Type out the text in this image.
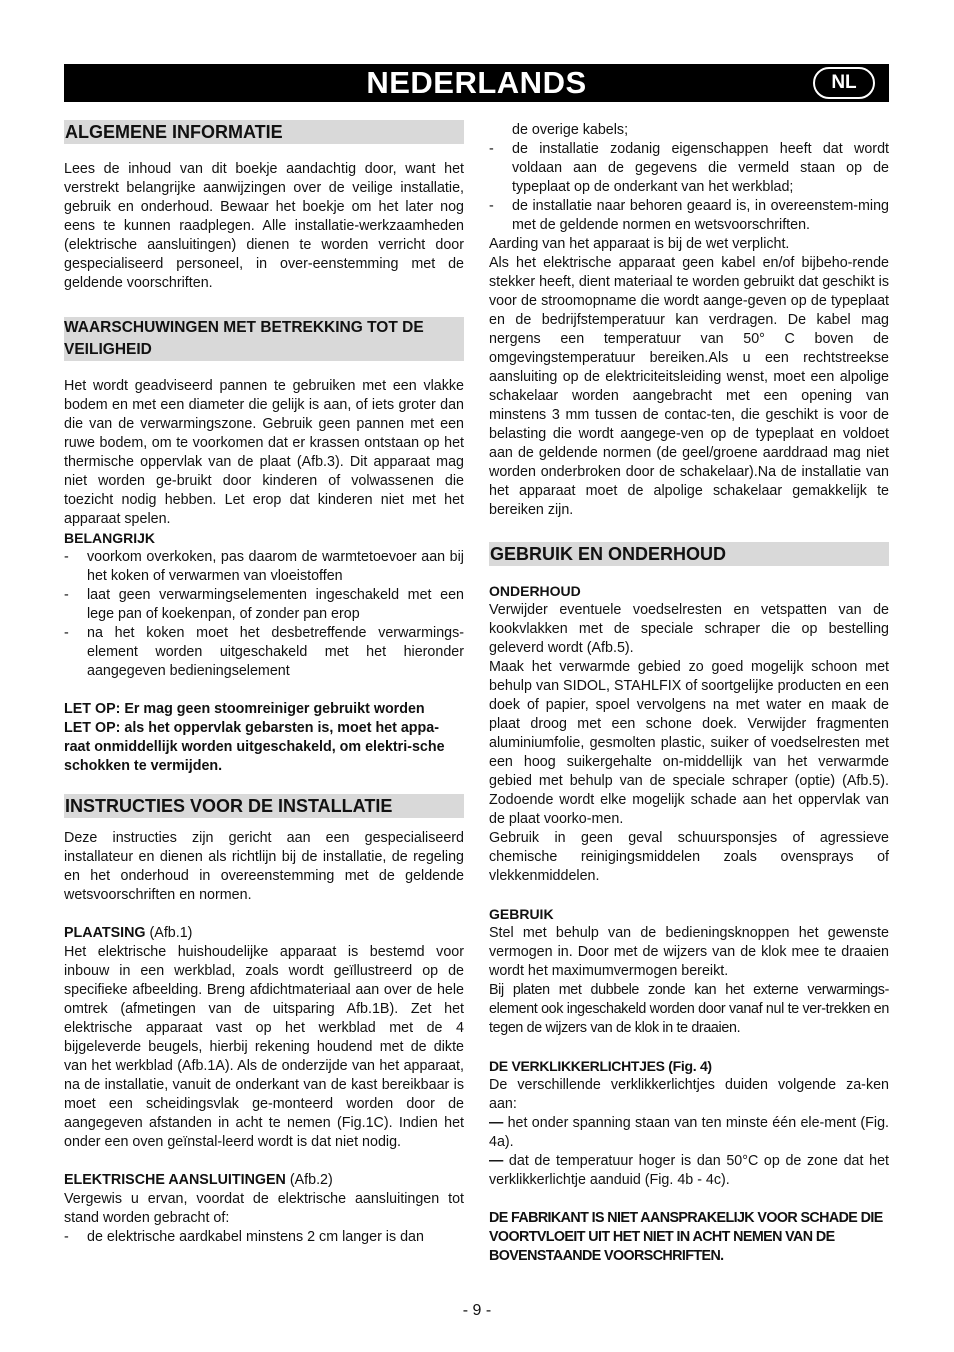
NEDERLANDS	NL
ALGEMENE INFORMATIE

Lees de inhoud van dit boekje aandachtig door, want het verstrekt belangrijke aanwijzingen over de veilige installatie, gebruik en onderhoud. Bewaar het boekje om het later nog eens te kunnen raadplegen. Alle installatie-werkzaamheden (elektrische aansluitingen) dienen te worden verricht door gespecialiseerd personeel, in over-eenstemming met de geldende voorschriften.

WAARSCHUWINGEN MET BETREKKING TOT DE VEILIGHEID

Het wordt geadviseerd pannen te gebruiken met een vlakke bodem en met een diameter die gelijk is aan, of iets groter dan die van de verwarmingszone. Gebruik geen pannen met een ruwe bodem, om te voorkomen dat er krassen ontstaan op het thermische oppervlak van de plaat (Afb.3). Dit apparaat mag niet worden ge-bruikt door kinderen of volwassenen die toezicht nodig hebben. Let erop dat kinderen niet met het apparaat spelen.

BELANGRIJK

- voorkom overkoken, pas daarom de warmtetoevoer aan bij het koken of verwarmen van vloeistoffen
- laat geen verwarmingselementen ingeschakeld met een lege pan of koekenpan, of zonder pan erop
- na het koken moet het desbetreffende verwarmings-element worden uitgeschakeld met het hieronder aangegeven bedieningselement

LET OP: Er mag geen stoomreiniger gebruikt worden

LET OP: als het oppervlak gebarsten is, moet het appa-raat onmiddellijk worden uitgeschakeld, om elektri-sche schokken te vermijden.

INSTRUCTIES VOOR DE INSTALLATIE

Deze instructies zijn gericht aan een gespecialiseerd installateur en dienen als richtlijn bij de installatie, de regeling en het onderhoud in overeenstemming met de geldende wetsvoorschriften en normen.

PLAATSING (Afb.1)

Het elektrische huishoudelijke apparaat is bestemd voor inbouw in een werkblad, zoals wordt geïllustreerd op de specifieke afbeelding. Breng afdichtmateriaal aan over de hele omtrek (afmetingen van de uitsparing Afb.1B). Zet het elektrische apparaat vast op het werkblad met de 4 bijgeleverde beugels, hierbij rekening houdend met de dikte van het werkblad (Afb.1A). Als de onderzijde van het apparaat, na de installatie, vanuit de onderkant van de kast bereikbaar is moet een scheidingsvlak ge-monteerd worden door de aangegeven afstanden in acht te nemen (Fig.1C). Indien het onder een oven geïnstal-leerd wordt is dat niet nodig.

ELEKTRISCHE AANSLUITINGEN (Afb.2)

Vergewis u ervan, voordat de elektrische aansluitingen tot stand worden gebracht of:

- de elektrische aardkabel minstens 2 cm langer is dan

de overige kabels;

- de installatie zodanig eigenschappen heeft dat wordt voldaan aan de gegevens die vermeld staan op de typeplaat op de onderkant van het werkblad;
- de installatie naar behoren geaard is, in overeenstem-ming met de geldende normen en wetsvoorschriften.

Aarding van het apparaat is bij de wet verplicht.

Als het elektrische apparaat geen kabel en/of bijbeho-rende stekker heeft, dient materiaal te worden gebruikt dat geschikt is voor de stroomopname die wordt aange-geven op de typeplaat en de bedrijfstemperatuur kan verdragen. De kabel mag nergens een temperatuur van 50° C boven de omgevingstemperatuur bereiken.Als u een rechtstreekse aansluiting op de elektriciteitsleiding wenst, moet een alpolige schakelaar worden aangebracht met een opening van minstens 3 mm tussen de contac-ten, die geschikt is voor de belasting die wordt aangege-ven op de typeplaat en voldoet aan de geldende normen (de geel/groene aarddraad mag niet worden onderbroken door de schakelaar).Na de installatie van het apparaat moet de alpolige schakelaar gemakkelijk te bereiken zijn.

GEBRUIK EN ONDERHOUD

ONDERHOUD

Verwijder eventuele voedselresten en vetspatten van de kookvlakken met de speciale schraper die op bestelling geleverd wordt (Afb.5).

Maak het verwarmde gebied zo goed mogelijk schoon met behulp van SIDOL, STAHLFIX of soortgelijke producten en een doek of papier, spoel vervolgens na met water en maak de plaat droog met een schone doek. Verwijder fragmenten aluminiumfolie, gesmolten plastic, suiker of voedselresten met een hoog suikergehalte on-middellijk van het verwarmde gebied met behulp van de speciale schraper (optie) (Afb.5). Zodoende wordt elke mogelijk schade aan het oppervlak van de plaat voorko-men.

Gebruik in geen geval schuursponsjes of agressieve chemische reinigingsmiddelen zoals ovensprays of vlekkenmiddelen.

GEBRUIK

Stel met behulp van de bedieningsknoppen het gewenste vermogen in. Door met de wijzers van de klok mee te draaien wordt het maximumvermogen bereikt.

Bij platen met dubbele zonde kan het externe verwarmings-element ook ingeschakeld worden door vanaf nul te ver-trekken en tegen de wijzers van de klok in te draaien.

DE VERKLIKKERLICHTJES (Fig. 4)

De verschillende verklikkerlichtjes duiden volgende za-ken aan:

— het onder spanning staan van ten minste één ele-ment (Fig. 4a).

— dat de temperatuur hoger is dan 50°C op de zone dat het verklikkerlichtje aanduid (Fig. 4b - 4c).

DE FABRIKANT IS NIET AANSPRAKELIJK VOOR SCHADE DIE VOORTVLOEIT UIT HET NIET IN ACHT NEMEN VAN DE BOVENSTAANDE VOORSCHRIFTEN.

- 9 -
